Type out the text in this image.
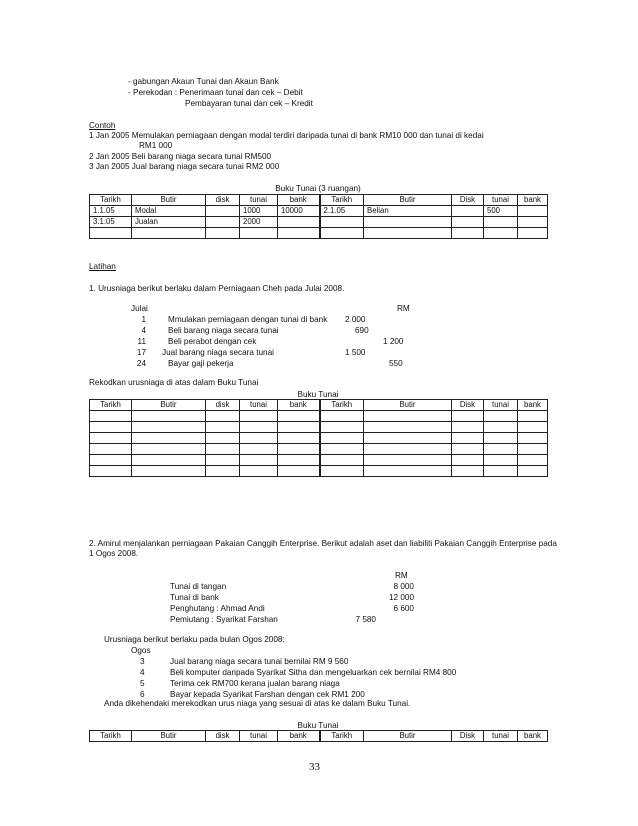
- gabungan Akaun Tunai dan Akaun Bank
- Perekodan : Penerimaan tunai dan cek – Debit
Pembayaran tunai dan cek – Kredit
Contoh
1 Jan 2005 Memulakan perniagaan dengan modal terdiri daripada tunai di bank RM10 000 dan tunai di kedai
RM1 000
2 Jan 2005 Beli barang niaga secara tunai RM500
3 Jan 2005 Jual barang niaga secara tunai RM2 000
Buku Tunai (3 ruangan)
Tarikh	Butir	disk	tunai	bank	Tarikh	Butir	Disk	tunai	bank
1.1.05	Modal		1000	10000	2.1.05	Belian		500	
3.1.05	Jualan		2000						

Latihan
1. Urusniaga berikut berlaku dalam Perniagaan Cheh pada Julai 2008.
Julai	RM
1	Mmulakan perniagaan dengan tunai di bank 2 000
4	Beli barang niaga secara tunai	690
11	Beli perabot dengan cek	1 200
17 Jual barang niaga secara tunai	1 500
24	Bayar gaji pekerja	550
Rekodkan urusniaga di atas dalam Buku Tunai
Buku Tunai
Tarikh	Butir	disk	tunai	bank	Tarikh	Butir	Disk	tunai	bank

2. Amirul menjalankan perniagaan Pakaian Canggih Enterprise. Berikut adalah aset dan liabiliti Pakaian Canggih Enterprise pada
1 Ogos 2008.
RM
Tunai di tangan	8 000
Tunai di bank	12 000
Penghutang : Ahmad Andi	6 600
Pemiutang : Syarikat Farshan	7 580
Urusniaga berikut berlaku pada bulan Ogos 2008:
Ogos
3	Jual barang niaga secara tunai bernilai RM 9 560
4	Beli komputer daripada Syarikat Sitha dan mengeluarkan cek bernilai RM4 800
5	Terima cek RM700 kerana jualan barang niaga
6	Bayar kepada Syarikat Farshan dengan cek RM1 200
Anda dikehendaki merekodkan urus niaga yang sesuai di atas ke dalam Buku Tunai.
Buku Tunai
Tarikh	Butir	disk	tunai	bank	Tarikh	Butir	Disk	tunai	bank
33
